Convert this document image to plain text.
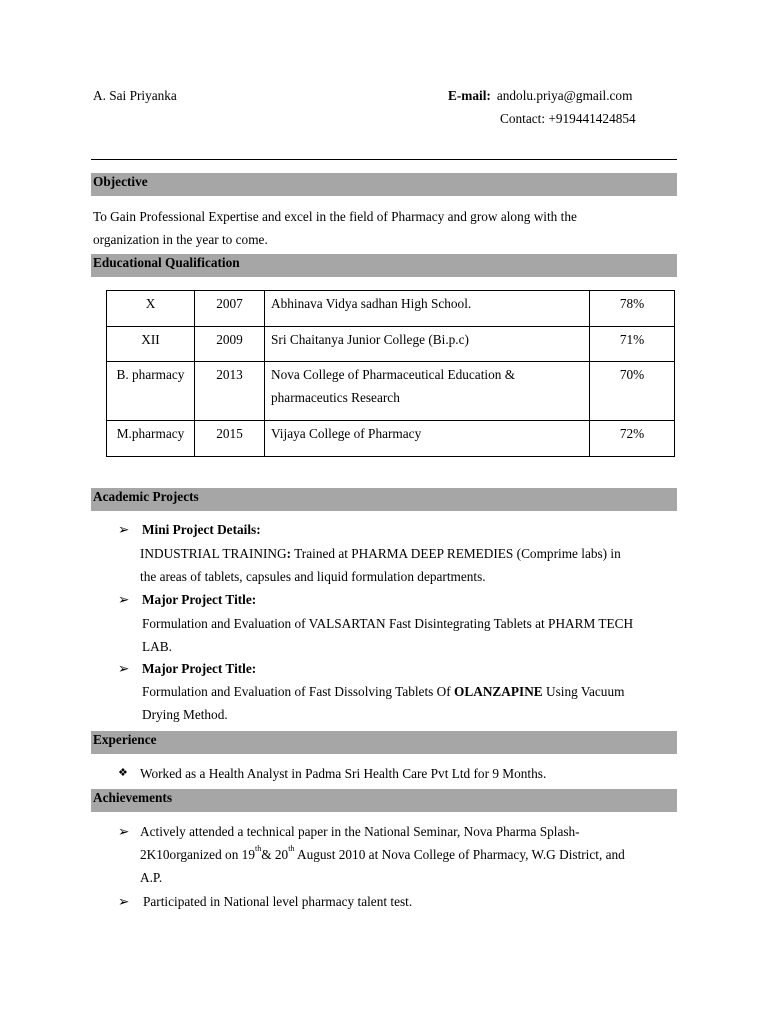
A. Sai Priyanka	E-mail: andolu.priya@gmail.com
Contact: +919441424854
Objective
To Gain Professional Expertise and excel in the field of Pharmacy and grow along with the
organization in the year to come.
Educational Qualification
X	2007	Abhinava Vidya sadhan High School.	78%

XII	2009	Sri Chaitanya Junior College (Bi.p.c)	71%

B. pharmacy	2013	Nova College of Pharmaceutical Education &
pharmaceutics Research	70%

M.pharmacy	2015	Vijaya College of Pharmacy	72%
Academic Projects
➢ Mini Project Details:
INDUSTRIAL TRAINING: Trained at PHARMA DEEP REMEDIES (Comprime labs) in
the areas of tablets, capsules and liquid formulation departments.
➢ Major Project Title:
Formulation and Evaluation of VALSARTAN Fast Disintegrating Tablets at PHARM TECH
LAB.
➢ Major Project Title:
Formulation and Evaluation of Fast Dissolving Tablets Of OLANZAPINE Using Vacuum
Drying Method.
Experience
❖ Worked as a Health Analyst in Padma Sri Health Care Pvt Ltd for 9 Months.
Achievements
➢ Actively attended a technical paper in the National Seminar, Nova Pharma Splash-
2K10organized on 19th& 20th August 2010 at Nova College of Pharmacy, W.G District, and
A.P.
➢ Participated in National level pharmacy talent test.
